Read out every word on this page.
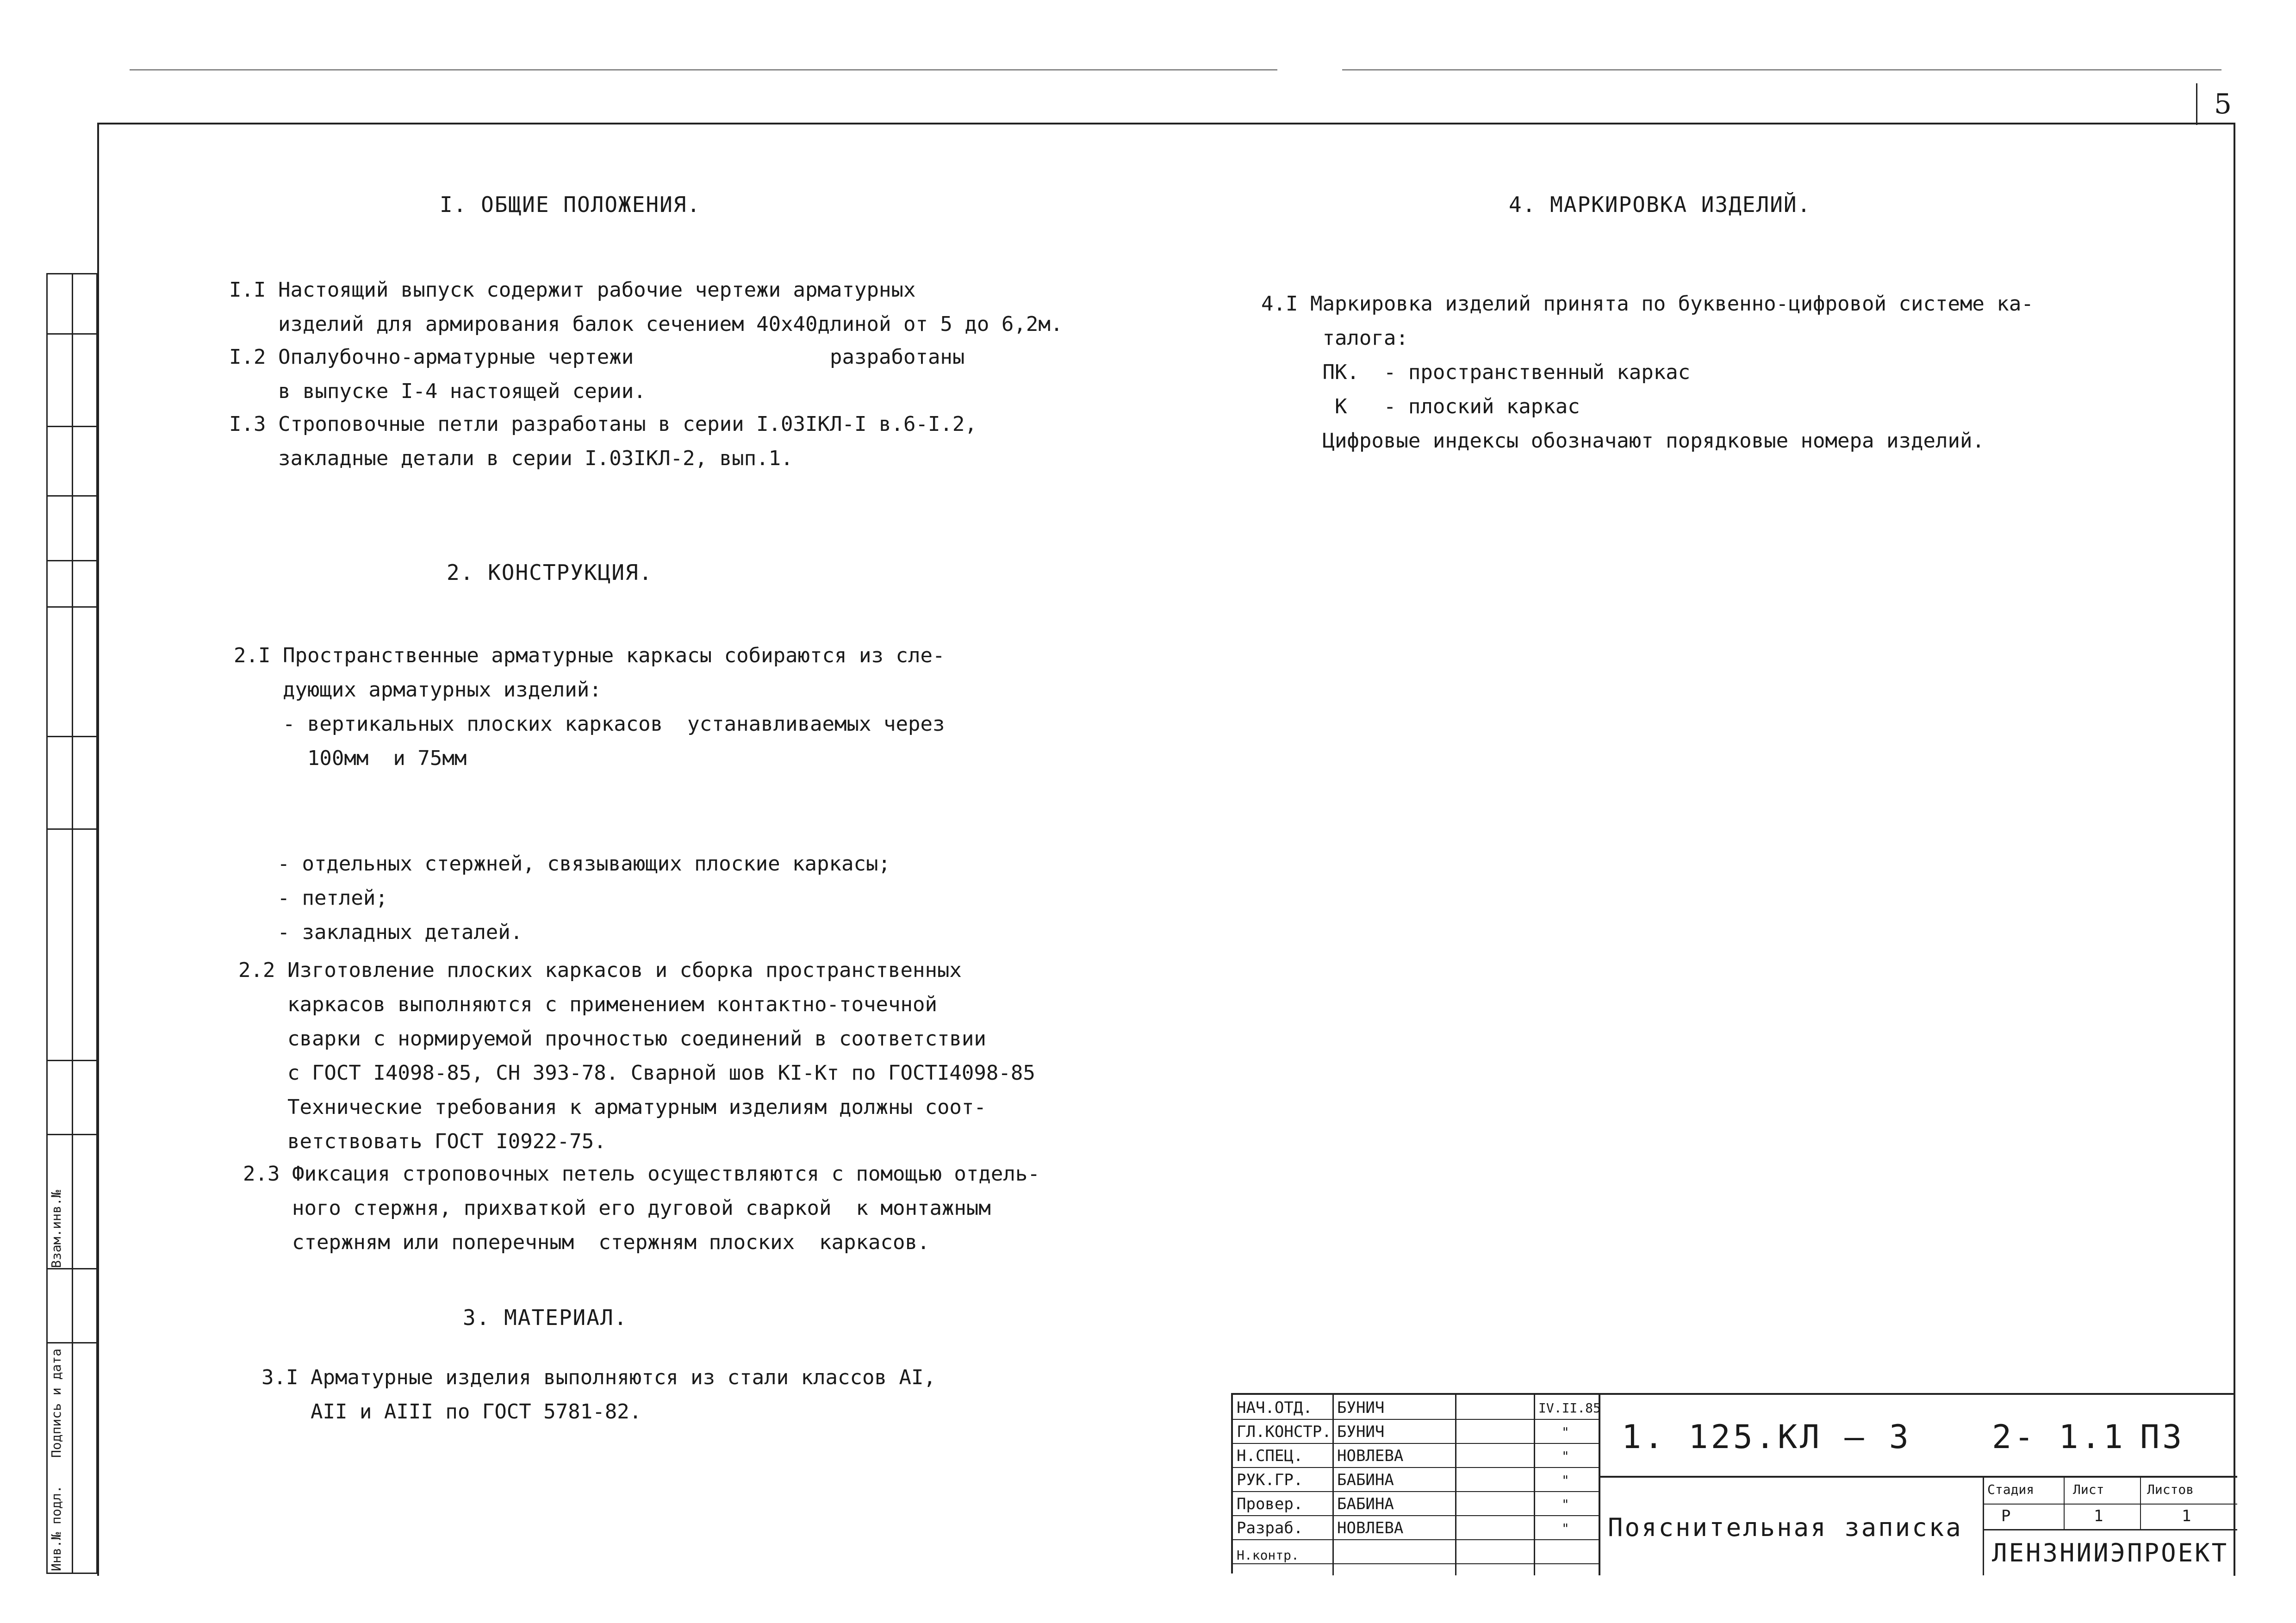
5
Инв.№ подл.
Подпись и дата
Взам.инв.№
I. ОБЩИЕ ПОЛОЖЕНИЯ.
I.I Настоящий выпуск содержит рабочие чертежи арматурных
изделий для армирования балок сечением 40х40длиной от 5 до 6,2м.
I.2 Опалубочно-арматурные чертежи                разработаны
в выпуске I-4 настоящей серии.
I.3 Строповочные петли разработаны в серии I.03IКЛ-I в.6-I.2,
закладные детали в серии I.03IКЛ-2, вып.1.
2. КОНСТРУКЦИЯ.
2.I Пространственные арматурные каркасы собираются из сле-
дующих арматурных изделий:
- вертикальных плоских каркасов  устанавливаемых через
100мм  и 75мм
- отдельных стержней, связывающих плоские каркасы;
- петлей;
- закладных деталей.
2.2 Изготовление плоских каркасов и сборка пространственных
каркасов выполняются с применением контактно-точечной
сварки с нормируемой прочностью соединений в соответствии
с ГОСТ I4098-85, СН 393-78. Сварной шов КI-Кт по ГОСТI4098-85
Технические требования к арматурным изделиям должны соот-
ветствовать ГОСТ I0922-75.
2.3 Фиксация строповочных петель осуществляются с помощью отдель-
ного стержня, прихваткой его дуговой сваркой  к монтажным
стержням или поперечным  стержням плоских  каркасов.
3. МАТЕРИАЛ.
3.I Арматурные изделия выполняются из стали классов АI,
АII и АIII по ГОСТ 5781-82.
4. МАРКИРОВКА ИЗДЕЛИЙ.
4.I Маркировка изделий принята по буквенно-цифровой системе ка-
талога:
ПК.  - пространственный каркас
К   - плоский каркас
Цифровые индексы обозначают порядковые номера изделий.
НАЧ.ОТД. БУНИЧ	IV.II.85
ГЛ.КОНСТР. БУНИЧ	"
Н.СПЕЦ. НОВЛЕВА	"
РУК.ГР. БАБИНА	"
Провер. БАБИНА	"
Разраб. НОВЛЕВА	"
Н.контр.
1. 125.КЛ – 3 2- 1.1 ПЗ
Пояснительная записка
Стадия	Лист	Листов
Р	1	1
ЛЕНЗНИИЭПРОЕКТ
